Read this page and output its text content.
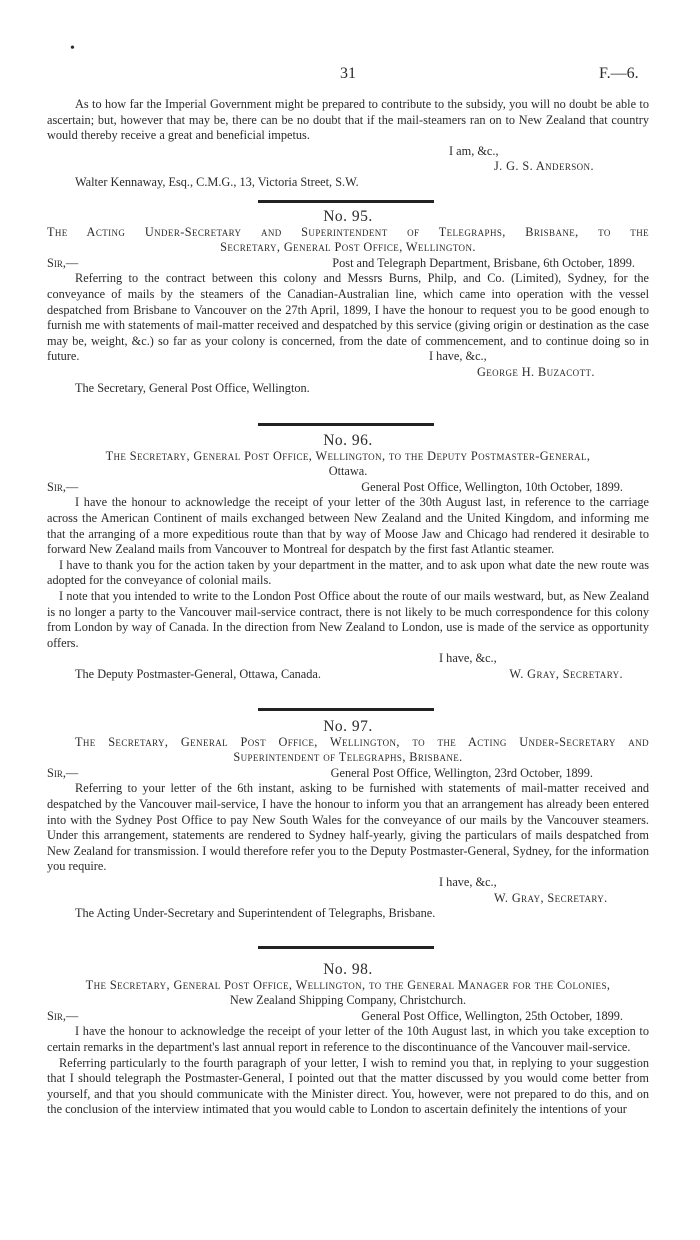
•
31	F.—6.

As to how far the Imperial Government might be prepared to contribute to the subsidy, you will no doubt be able to ascertain; but, however that may be, there can be no doubt that if the mail-steamers ran on to New Zealand that country would thereby receive a great and beneficial impetus.

I am, &c.,
J. G. S. Anderson.
Walter Kennaway, Esq., C.M.G., 13, Victoria Street, S.W.
No. 95.

The Acting Under-Secretary and Superintendent of Telegraphs, Brisbane, to the

Secretary, General Post Office, Wellington.
Sir,—	Post and Telegraph Department, Brisbane, 6th October, 1899.

Referring to the contract between this colony and Messrs Burns, Philp, and Co. (Limited), Sydney, for the conveyance of mails by the steamers of the Canadian-Australian line, which came into operation with the vessel despatched from Brisbane to Vancouver on the 27th April, 1899, I have the honour to request you to be good enough to furnish me with statements of mail-matter received and despatched by this service (giving origin or destination as the case may be, weight, &c.) so far as your colony is concerned, from the date of commencement, and to continue doing so in future.	I have, &c.,
George H. Buzacott.
The Secretary, General Post Office, Wellington.
No. 96.
The Secretary, General Post Office, Wellington, to the Deputy Postmaster-General,
Ottawa.
Sir,—	General Post Office, Wellington, 10th October, 1899.

I have the honour to acknowledge the receipt of your letter of the 30th August last, in reference to the carriage across the American Continent of mails exchanged between New Zealand and the United Kingdom, and informing me that the arranging of a more expeditious route than that by way of Moose Jaw and Chicago had rendered it desirable to forward New Zealand mails from Vancouver to Montreal for despatch by the first fast Atlantic steamer.

I have to thank you for the action taken by your department in the matter, and to ask upon what date the new route was adopted for the conveyance of colonial mails.

I note that you intended to write to the London Post Office about the route of our mails westward, but, as New Zealand is no longer a party to the Vancouver mail-service contract, there is not likely to be much correspondence for this colony from London by way of Canada. In the direction from New Zealand to London, use is made of the service as opportunity offers.

I have, &c.,
The Deputy Postmaster-General, Ottawa, Canada.	W. Gray, Secretary.
No. 97.
The Secretary, General Post Office, Wellington, to the Acting Under-Secretary and
Superintendent of Telegraphs, Brisbane.
Sir,—	General Post Office, Wellington, 23rd October, 1899.

Referring to your letter of the 6th instant, asking to be furnished with statements of mail-matter received and despatched by the Vancouver mail-service, I have the honour to inform you that an arrangement has already been entered into with the Sydney Post Office to pay New South Wales for the conveyance of our mails by the Vancouver steamers. Under this arrangement, statements are rendered to Sydney half-yearly, giving the particulars of mails despatched from New Zealand for transmission. I would therefore refer you to the Deputy Postmaster-General, Sydney, for the information you require.

I have, &c.,
W. Gray, Secretary.
The Acting Under-Secretary and Superintendent of Telegraphs, Brisbane.
No. 98.
The Secretary, General Post Office, Wellington, to the General Manager for the Colonies,
New Zealand Shipping Company, Christchurch.
Sir,—	General Post Office, Wellington, 25th October, 1899.

I have the honour to acknowledge the receipt of your letter of the 10th August last, in which you take exception to certain remarks in the department's last annual report in reference to the discontinuance of the Vancouver mail-service.

Referring particularly to the fourth paragraph of your letter, I wish to remind you that, in replying to your suggestion that I should telegraph the Postmaster-General, I pointed out that the matter discussed by you would come better from yourself, and that you should communicate with the Minister direct. You, however, were not prepared to do this, and on the conclusion of the interview intimated that you would cable to London to ascertain definitely the intentions of your
